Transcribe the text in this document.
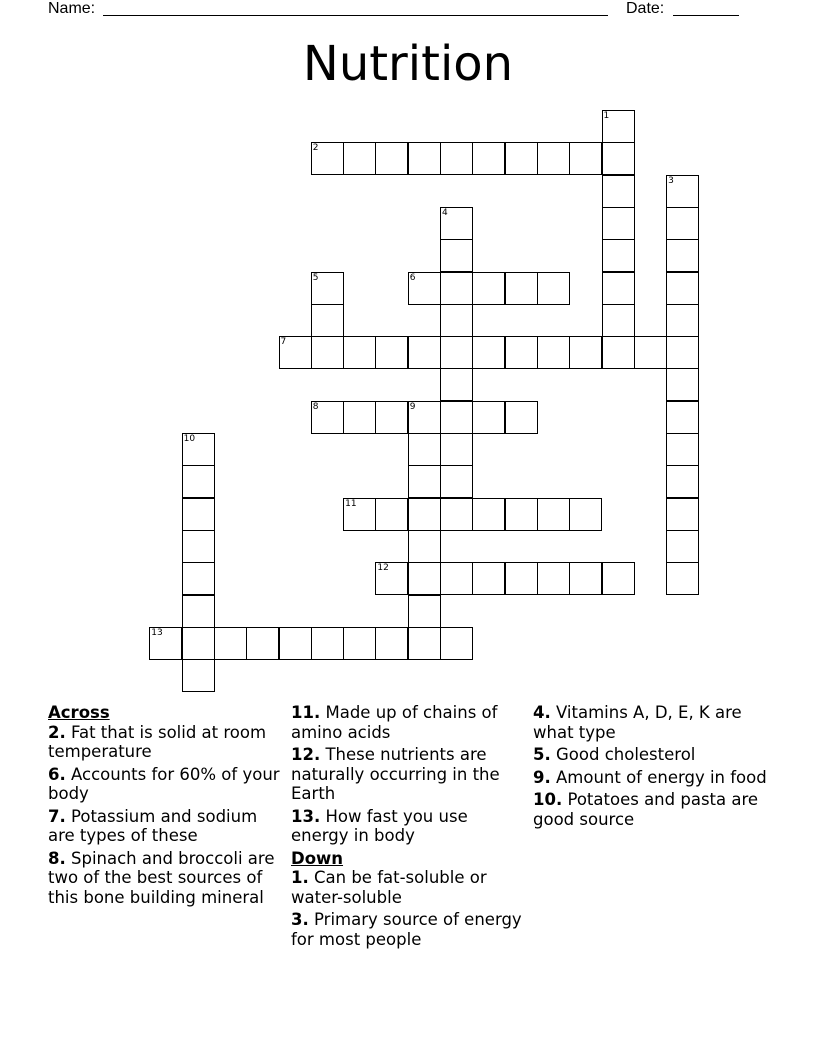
Name:	Date:
Nutrition
1
2
3
4
5	6
7
8	9
10
11
12
13
Across
2. Fat that is solid at room temperature
6. Accounts for 60% of your body
7. Potassium and sodium are types of these
8. Spinach and broccoli are two of the best sources of this bone building mineral
11. Made up of chains of amino acids
12. These nutrients are naturally occurring in the Earth
13. How fast you use energy in body
Down
1. Can be fat-soluble or water-soluble
3. Primary source of energy for most people
4. Vitamins A, D, E, K are what type
5. Good cholesterol
9. Amount of energy in food
10. Potatoes and pasta are good source
